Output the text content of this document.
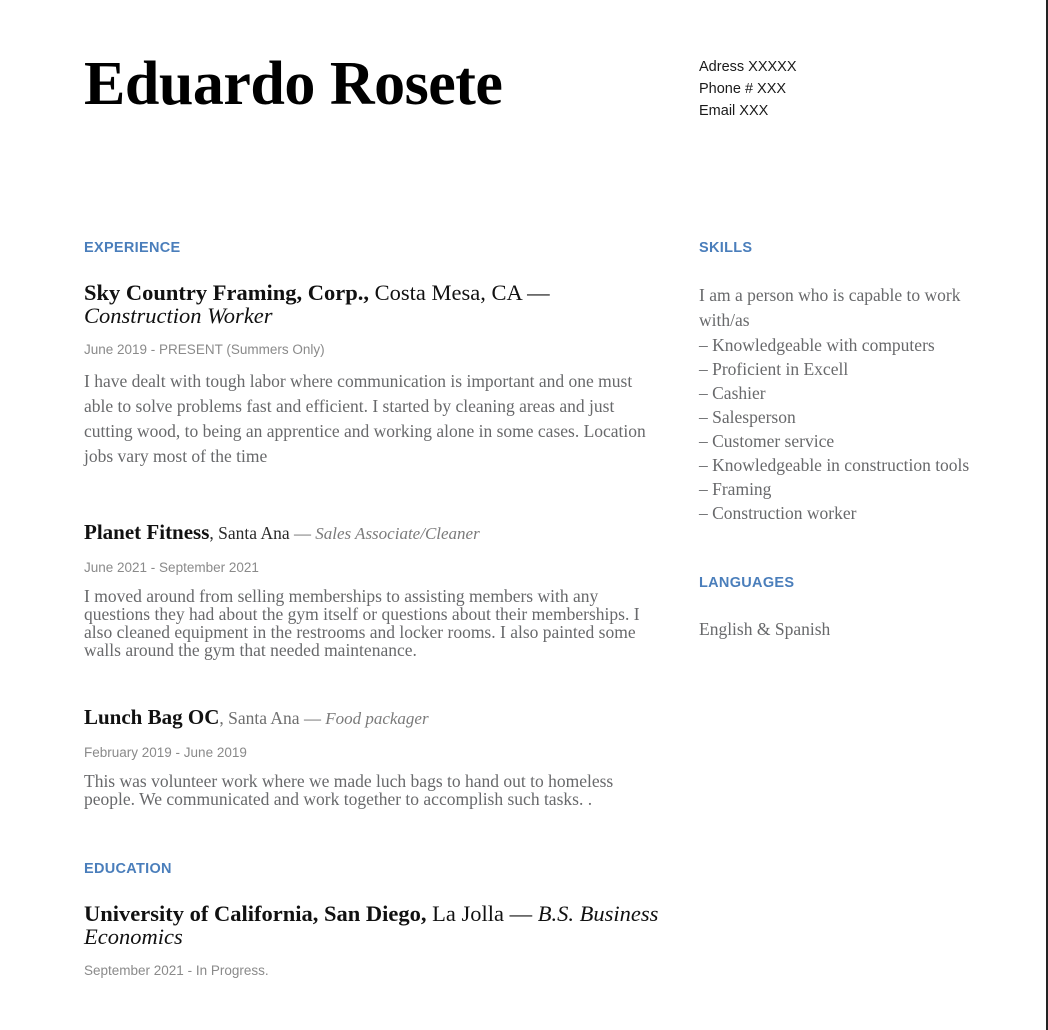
Eduardo Rosete	Adress XXXXX
Phone # XXX
Email XXX
EXPERIENCE

Sky Country Framing, Corp., Costa Mesa, CA — Construction Worker

June 2019 - PRESENT (Summers Only)

I have dealt with tough labor where communication is important and one must able to solve problems fast and efficient. I started by cleaning areas and just cutting wood, to being an apprentice and working alone in some cases. Location jobs vary most of the time

Planet Fitness, Santa Ana — Sales Associate/Cleaner

June 2021 - September 2021

I moved around from selling memberships to assisting members with any questions they had about the gym itself or questions about their memberships. I also cleaned equipment in the restrooms and locker rooms. I also painted some walls around the gym that needed maintenance.

Lunch Bag OC, Santa Ana — Food packager

February 2019 - June 2019

This was volunteer work where we made luch bags to hand out to homeless people. We communicated and work together to accomplish such tasks. .

EDUCATION

University of California, San Diego, La Jolla — B.S. Business Economics

September 2021 - In Progress.

SKILLS

I am a person who is capable to work with/as

– Knowledgeable with computers
– Proficient in Excell
– Cashier
– Salesperson
– Customer service
– Knowledgeable in construction tools
– Framing
– Construction worker
LANGUAGES

English & Spanish
